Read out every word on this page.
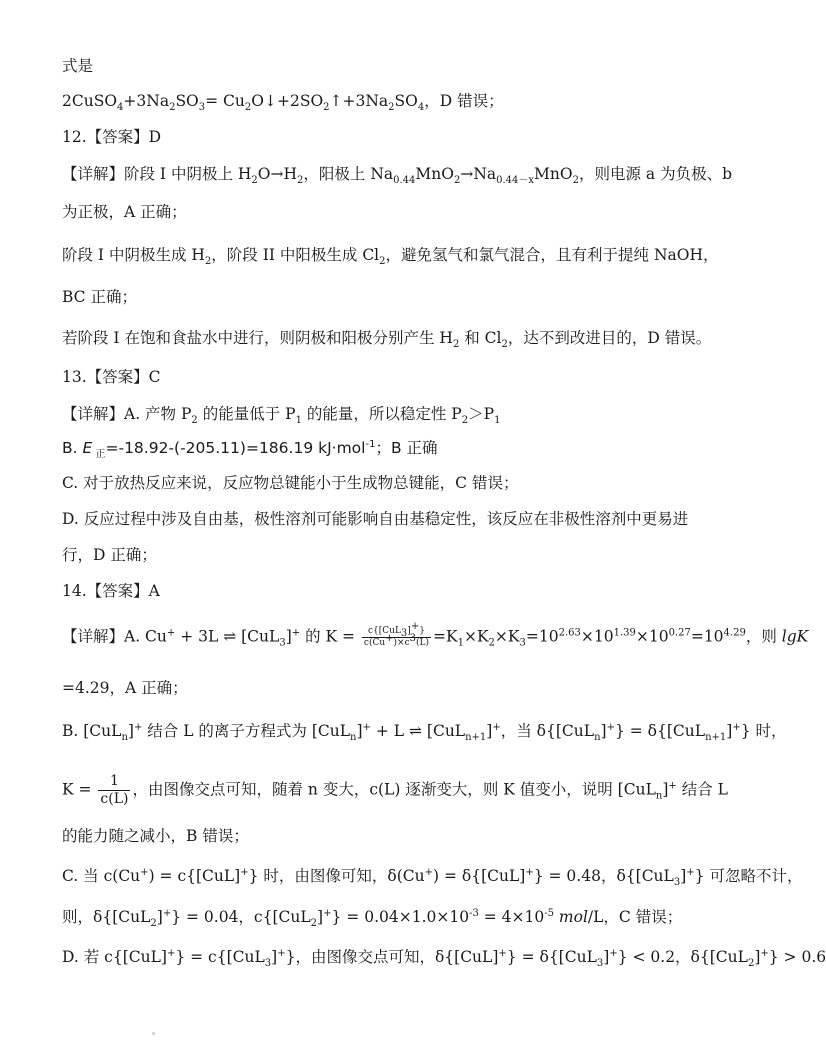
式是
$2CuSO_4+3Na_2SO_3=$ $Cu_2O↓+2SO_2↑+3Na_2SO_4$，D 错误；
12.【答案】D
【详解】阶段 I 中阴极上 $H_2O\to H_2$，阳极上 $Na_{0.44}MnO_2\to Na_{0.44-x}MnO_2$，则电源 a 为负极、b
为正极，A 正确；
阶段 I 中阴极生成 $H_2$，阶段 II 中阳极生成 $Cl_2$，避免氢气和氯气混合，且有利于提纯 NaOH，
BC 正确；
若阶段 I 在饱和食盐水中进行，则阴极和阳极分别产生 $H_2$ 和 $Cl_2$，达不到改进目的，D 错误。
13.【答案】C
【详解】A. 产物 $P_2$ 的能量低于 $P_1$ 的能量，所以稳定性 $P_2>P_1$
B. E $_正$=-18.92-(-205.11)=186.19 kJ·mol$^{-1}$；B 正确
C. 对于放热反应来说，反应物总键能小于生成物总键能，C 错误；
D. 反应过程中涉及自由基，极性溶剂可能影响自由基稳定性，该反应在非极性溶剂中更易进
行，D 正确；
14.【答案】A
【详解】A. Cu+ + 3L ⇌ [CuL$_3$]+ 的 $K = \frac{c\{[CuL_3]^+\}}{c(Cu^+)\times c^3(L)} =K_1\times K_2\times K_3=10^{2.63}\times 10^{1.39}\times 10^{0.27}=10^{4.29}$，则 lgK
=4.29，A 正确；
B. [CuL$_n$]+ 结合 L 的离子方程式为 [CuL$_n$]+ + L ⇌ [CuL$_{n+1}$]+，当 δ{[CuL$_n$]+} = δ{[CuL$_{n+1}$]+} 时，
$K = \frac{1}{c(L)}$ ，由图像交点可知，随着 n 变大，c(L) 逐渐变大，则 K 值变小，说明 [CuL$_n$]+ 结合 L
的能力随之减小，B 错误；
C. 当 c(Cu+) = c{[CuL]+} 时，由图像可知，δ(Cu+) = δ{[CuL]+} = 0.48，δ{[CuL$_3$]+} 可忽略不计，
则，δ{[CuL$_2$]+} = 0.04，$c\{[CuL_2]^+\} = 0.04\times 1.0\times 10^{-3} = 4\times 10^{-5}$ mol/L，C 错误；
D. 若 c{[CuL]+} = c{[CuL$_3$]+}，由图像交点可知，δ{[CuL]+} = δ{[CuL$_3$]+} < 0.2，δ{[CuL$_2$]+} > 0.6
